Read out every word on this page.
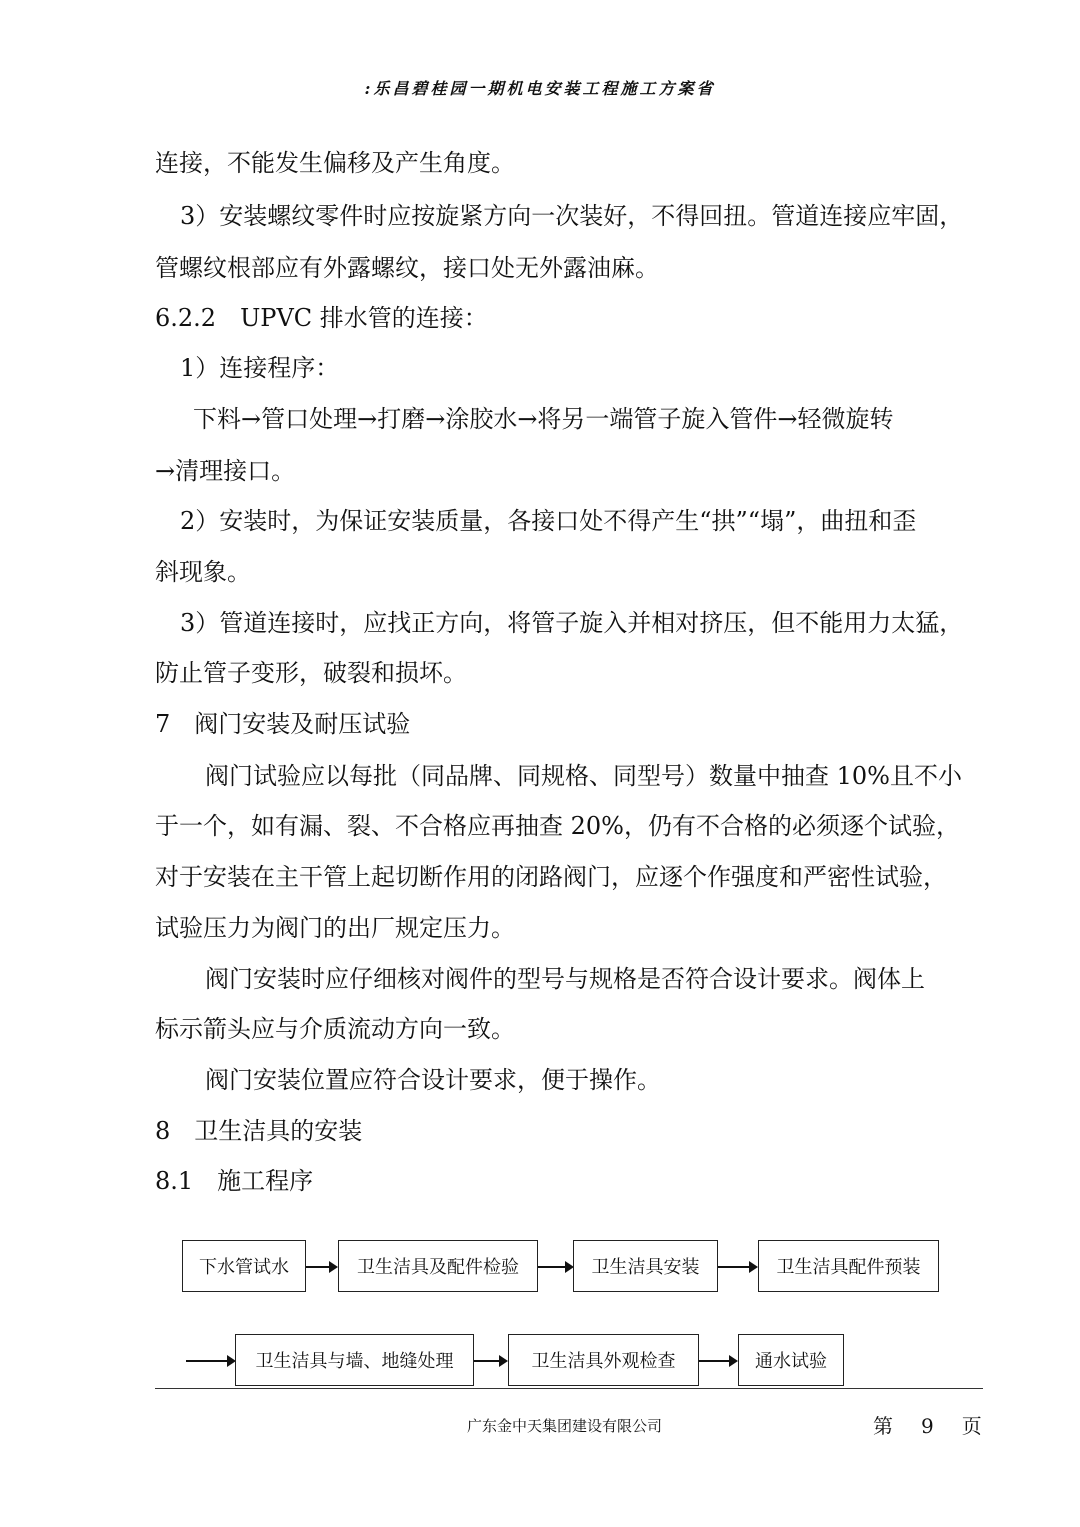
:乐昌碧桂园一期机电安装工程施工方案省
连接，不能发生偏移及产生角度。
3）安装螺纹零件时应按旋紧方向一次装好，不得回扭。管道连接应牢固，
管螺纹根部应有外露螺纹，接口处无外露油麻。
6.2.2　UPVC 排水管的连接：
1）连接程序：
下料→管口处理→打磨→涂胶水→将另一端管子旋入管件→轻微旋转
→清理接口。
2）安装时，为保证安装质量，各接口处不得产生“拱”“塌”，曲扭和歪
斜现象。
3）管道连接时，应找正方向，将管子旋入并相对挤压，但不能用力太猛，
防止管子变形，破裂和损坏。
7　阀门安装及耐压试验
阀门试验应以每批（同品牌、同规格、同型号）数量中抽查 10%且不小
于一个，如有漏、裂、不合格应再抽查 20%，仍有不合格的必须逐个试验，
对于安装在主干管上起切断作用的闭路阀门，应逐个作强度和严密性试验，
试验压力为阀门的出厂规定压力。
阀门安装时应仔细核对阀件的型号与规格是否符合设计要求。阀体上
标示箭头应与介质流动方向一致。
阀门安装位置应符合设计要求，便于操作。
8　卫生洁具的安装
8.1　施工程序
下水管试水	卫生洁具及配件检验	卫生洁具安装	卫生洁具配件预装
卫生洁具与墙、地缝处理	卫生洁具外观检查	通水试验
广东金中天集团建设有限公司	第 9 页
